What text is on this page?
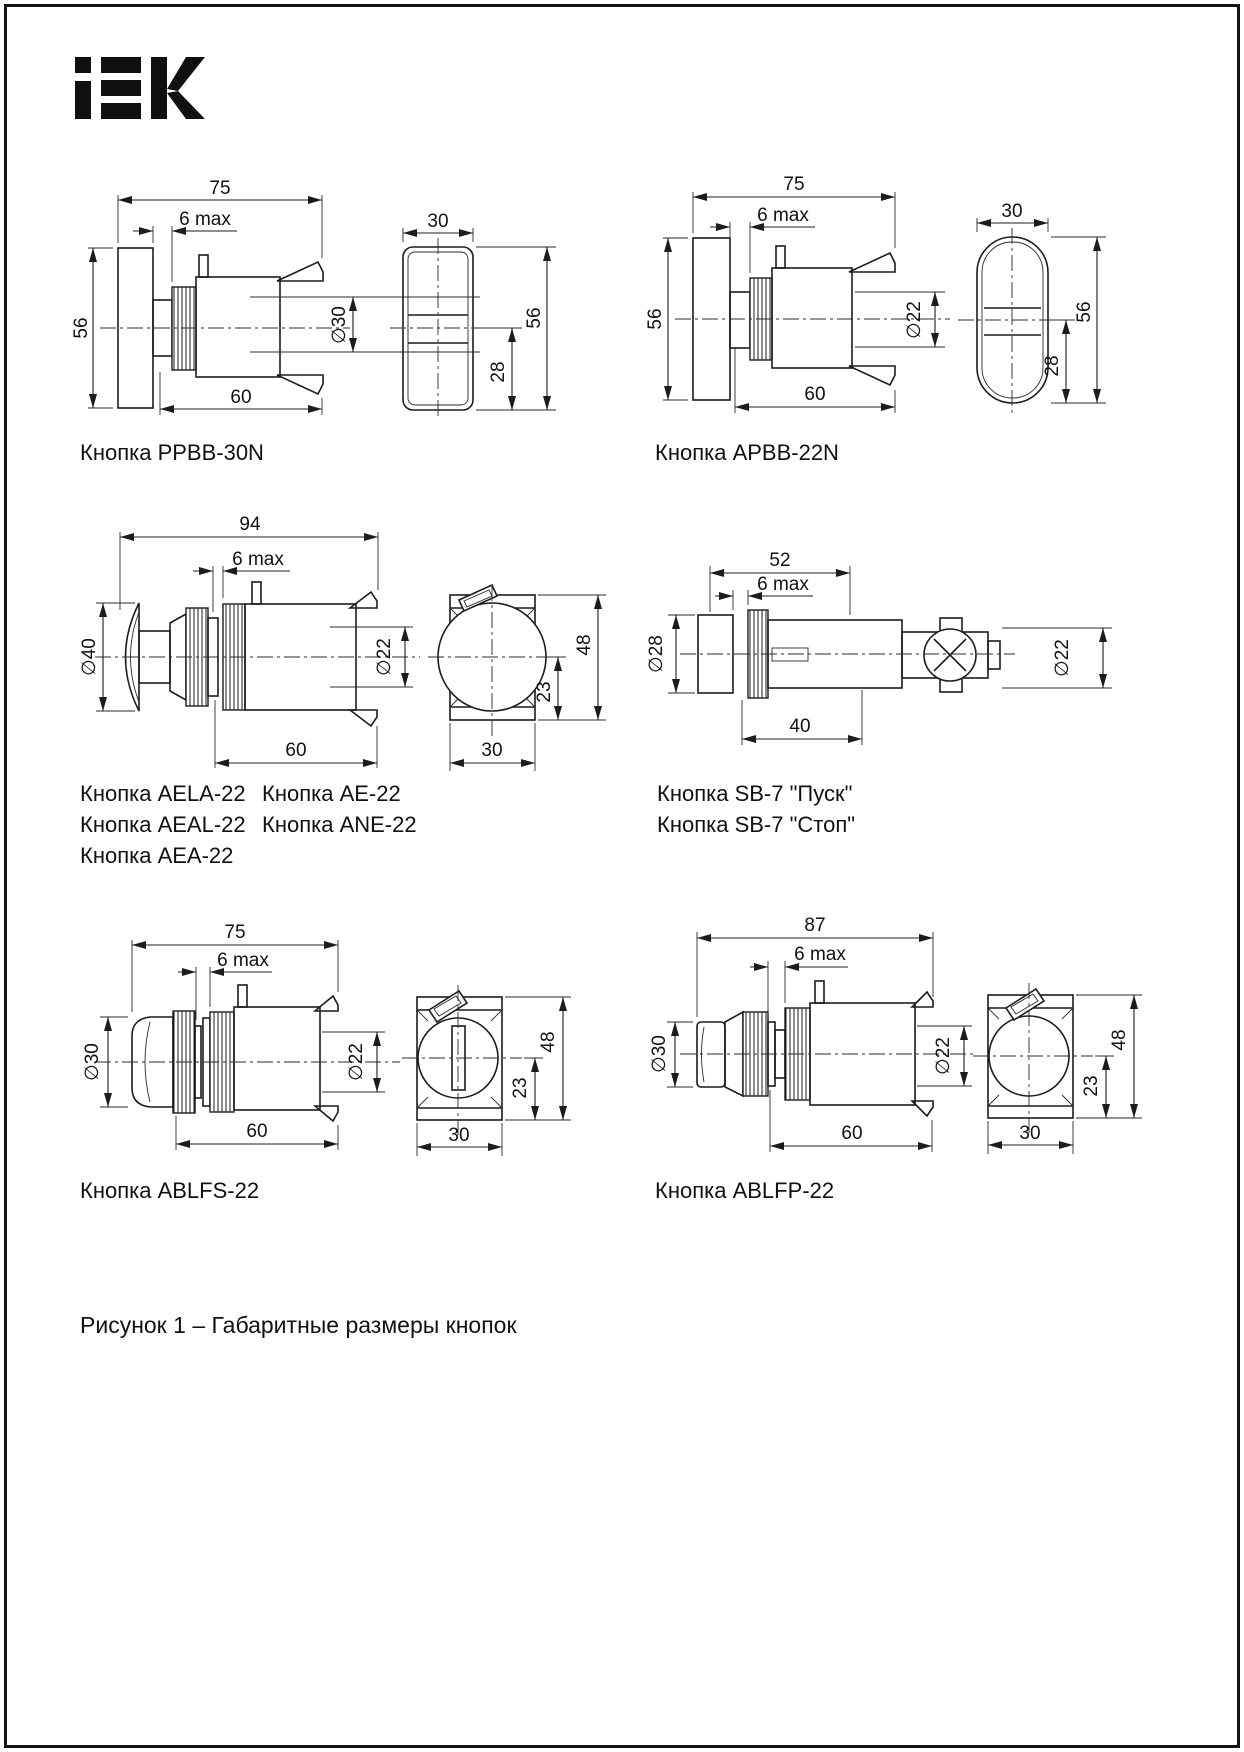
75
6 max
56
60
∅30
30
56
28
Кнопка PPBB-30N
75
6 max
56
60
∅22
30
56
28
Кнопка APBB-22N
94
6 max
∅40
60
∅22
23
48
30
Кнопка AELA-22
Кнопка AEAL-22
Кнопка AEA-22
Кнопка AE-22
Кнопка ANE-22
52
6 max
∅28	∅22
40
Кнопка SB-7 "Пуск"
Кнопка SB-7 "Стоп"
75
6 max
∅30
60
∅22
48
23
30
Кнопка ABLFS-22
87
6 max
∅30
60
∅22	48
23
30
Кнопка ABLFP-22
Рисунок 1 – Габаритные размеры кнопок
